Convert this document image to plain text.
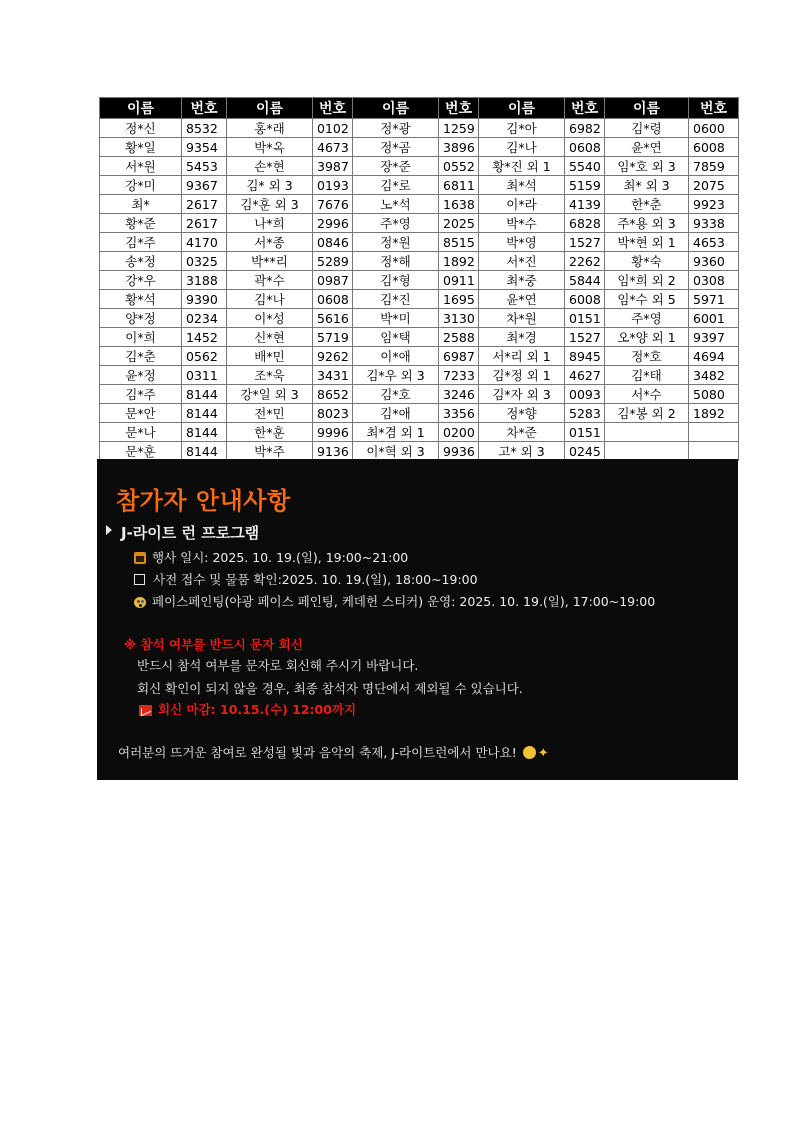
이름	번호	이름	번호	이름	번호	이름	번호	이름	번호
정*신	8532	홍*래	0102	정*광	1259	김*아	6982	김*령	0600
황*일	9354	박*옥	4673	정*곰	3896	김*나	0608	윤*연	6008
서*원	5453	손*현	3987	장*준	0552	황*진 외 1	5540	임*호 외 3	7859
강*미	9367	김* 외 3	0193	김*로	6811	최*석	5159	최* 외 3	2075
최*	2617	김*훈 외 3	7676	노*석	1638	이*라	4139	한*춘	9923
황*준	2617	나*희	2996	주*영	2025	박*수	6828	주*용 외 3	9338
김*주	4170	서*종	0846	정*원	8515	박*영	1527	박*현 외 1	4653
송*정	0325	박**리	5289	정*해	1892	서*진	2262	황*숙	9360
강*우	3188	곽*수	0987	김*형	0911	최*중	5844	임*희 외 2	0308
황*석	9390	김*나	0608	김*진	1695	윤*연	6008	임*수 외 5	5971
양*정	0234	이*성	5616	박*미	3130	차*원	0151	주*영	6001
이*희	1452	신*현	5719	임*택	2588	최*경	1527	오*양 외 1	9397
김*춘	0562	배*민	9262	이*애	6987	서*리 외 1	8945	정*호	4694
윤*정	0311	조*욱	3431	김*우 외 3	7233	김*정 외 1	4627	김*태	3482
김*주	8144	강*일 외 3	8652	김*호	3246	김*자 외 3	0093	서*수	5080
문*안	8144	전*민	8023	김*애	3356	정*향	5283	김*봉 외 2	1892
문*나	8144	한*훈	9996	최*겸 외 1	0200	차*준	0151		
문*훈	8144	박*주	9136	이*혁 외 3	9936	고* 외 3	0245		
참가자 안내사항
J-라이트 런 프로그램
행사 일시: 2025. 10. 19.(일), 19:00~21:00
사전 접수 및 물품 확인:2025. 10. 19.(일), 18:00~19:00
페이스페인팅(야광 페이스 페인팅, 케데헌 스티커) 운영: 2025. 10. 19.(일), 17:00~19:00
※ 참석 여부를 반드시 문자 회신
반드시 참석 여부를 문자로 회신해 주시기 바랍니다.
회신 확인이 되지 않을 경우, 최종 참석자 명단에서 제외될 수 있습니다.
회신 마감: 10.15.(수) 12:00까지
여러분의 뜨거운 참여로 완성될 빛과 음악의 축제, J-라이트런에서 만나요! ✦
